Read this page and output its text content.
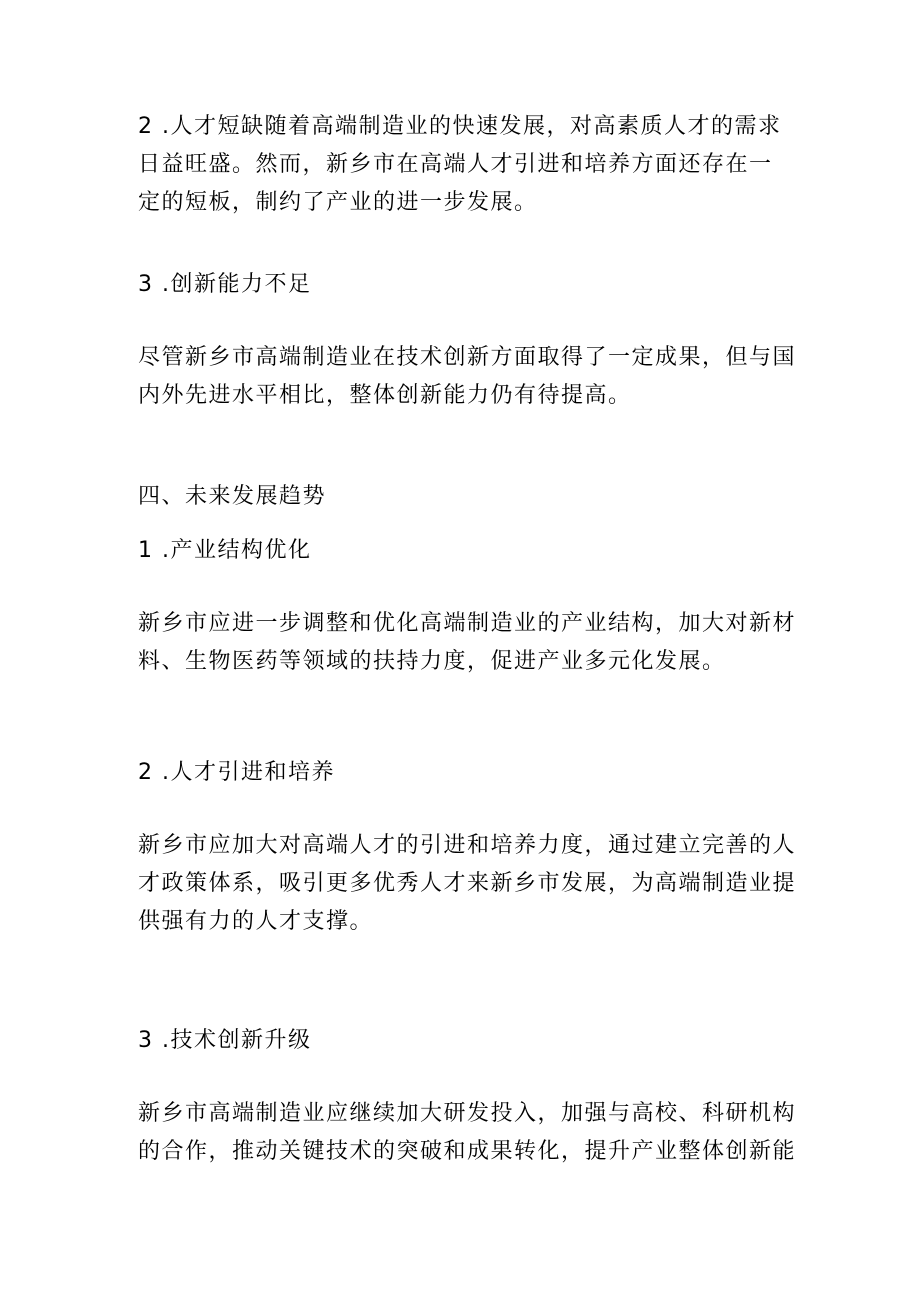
2 .人才短缺随着高端制造业的快速发展，对高素质人才的需求
日益旺盛。然而，新乡市在高端人才引进和培养方面还存在一
定的短板，制约了产业的进一步发展。
3 .创新能力不足
尽管新乡市高端制造业在技术创新方面取得了一定成果，但与国
内外先进水平相比，整体创新能力仍有待提高。
四、未来发展趋势
1 .产业结构优化
新乡市应进一步调整和优化高端制造业的产业结构，加大对新材
料、生物医药等领域的扶持力度，促进产业多元化发展。
2 .人才引进和培养
新乡市应加大对高端人才的引进和培养力度，通过建立完善的人
才政策体系，吸引更多优秀人才来新乡市发展，为高端制造业提
供强有力的人才支撑。
3 .技术创新升级
新乡市高端制造业应继续加大研发投入，加强与高校、科研机构
的合作，推动关键技术的突破和成果转化，提升产业整体创新能
